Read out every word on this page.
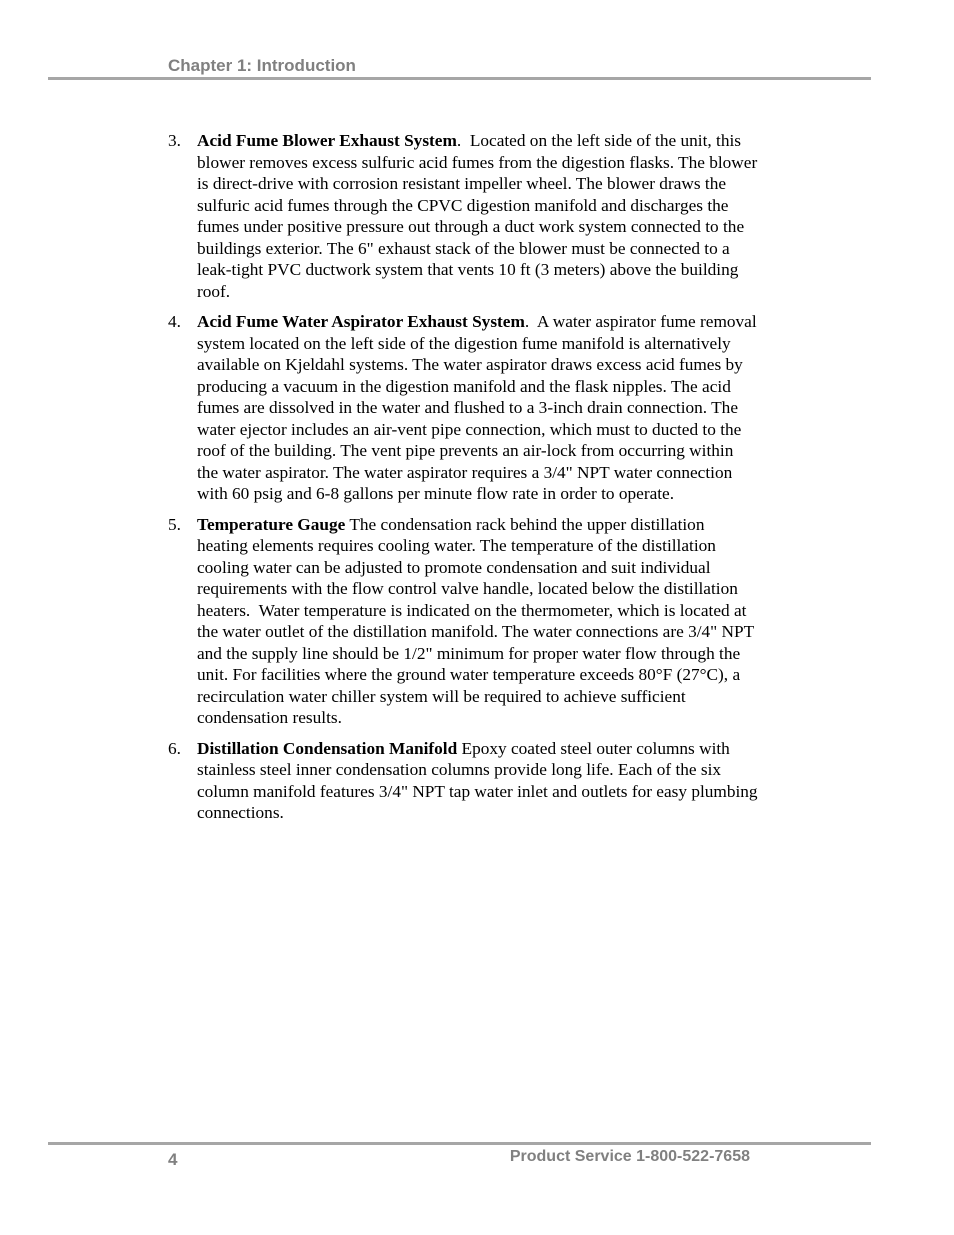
Chapter 1: Introduction
3. Acid Fume Blower Exhaust System.  Located on the left side of the unit, this blower removes excess sulfuric acid fumes from the digestion flasks. The blower is direct-drive with corrosion resistant impeller wheel. The blower draws the sulfuric acid fumes through the CPVC digestion manifold and discharges the fumes under positive pressure out through a duct work system connected to the buildings exterior. The 6" exhaust stack of the blower must be connected to a leak-tight PVC ductwork system that vents 10 ft (3 meters) above the building roof.
4. Acid Fume Water Aspirator Exhaust System.  A water aspirator fume removal system located on the left side of the digestion fume manifold is alternatively available on Kjeldahl systems. The water aspirator draws excess acid fumes by producing a vacuum in the digestion manifold and the flask nipples. The acid fumes are dissolved in the water and flushed to a 3-inch drain connection. The water ejector includes an air-vent pipe connection, which must to ducted to the roof of the building. The vent pipe prevents an air-lock from occurring within the water aspirator. The water aspirator requires a 3/4" NPT water connection with 60 psig and 6-8 gallons per minute flow rate in order to operate.
5. Temperature Gauge The condensation rack behind the upper distillation heating elements requires cooling water. The temperature of the distillation cooling water can be adjusted to promote condensation and suit individual requirements with the flow control valve handle, located below the distillation heaters.  Water temperature is indicated on the thermometer, which is located at the water outlet of the distillation manifold. The water connections are 3/4" NPT and the supply line should be 1/2" minimum for proper water flow through the unit. For facilities where the ground water temperature exceeds 80°F (27°C), a recirculation water chiller system will be required to achieve sufficient condensation results.
6. Distillation Condensation Manifold Epoxy coated steel outer columns with stainless steel inner condensation columns provide long life. Each of the six column manifold features 3/4" NPT tap water inlet and outlets for easy plumbing connections.
4	Product Service 1-800-522-7658
